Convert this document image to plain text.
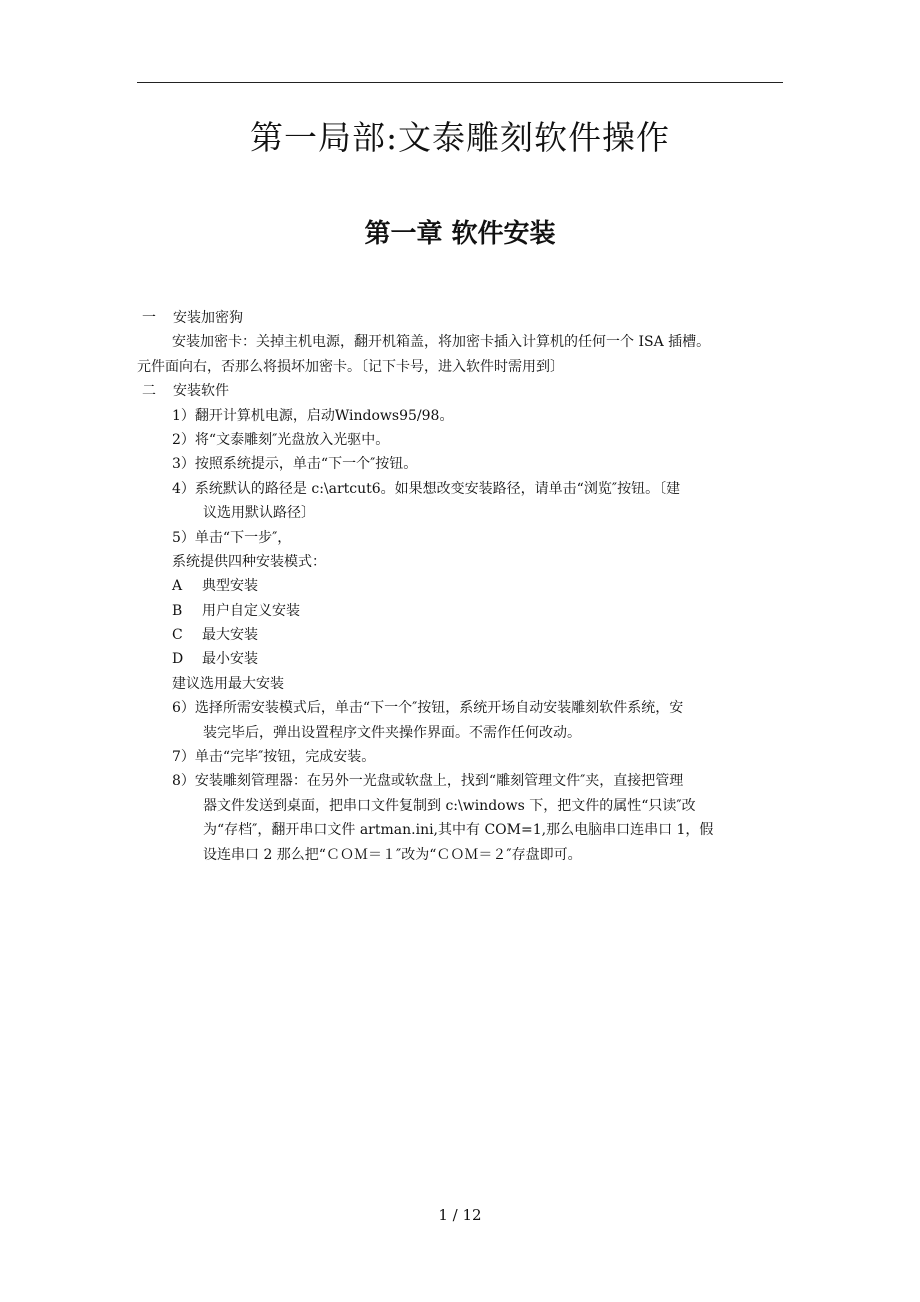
第一局部:文泰雕刻软件操作
第一章 软件安装
一 安装加密狗
安装加密卡：关掉主机电源，翻开机箱盖，将加密卡插入计算机的任何一个 ISA 插槽。
元件面向右，否那么将损坏加密卡。〔记下卡号，进入软件时需用到〕
二 安装软件
1）翻开计算机电源，启动Windows95/98。
2）将“文泰雕刻″光盘放入光驱中。
3）按照系统提示，单击“下一个″按钮。
4）系统默认的路径是 c:\artcut6。如果想改变安装路径，请单击“浏览″按钮。〔建
议选用默认路径〕
5）单击“下一步″，
系统提供四种安装模式：
A 典型安装
B 用户自定义安装
C 最大安装
D 最小安装
建议选用最大安装
6）选择所需安装模式后，单击“下一个″按钮，系统开场自动安装雕刻软件系统，安
装完毕后，弹出设置程序文件夹操作界面。不需作任何改动。
7）单击“完毕″按钮，完成安装。
8）安装雕刻管理器：在另外一光盘或软盘上，找到“雕刻管理文件″夹，直接把管理
器文件发送到桌面，把串口文件复制到 c:\windows 下，把文件的属性“只读″改
为“存档″，翻开串口文件 artman.ini,其中有 COM=1,那么电脑串口连串口 1，假
设连串口 2 那么把“ＣＯＭ＝１″改为“ＣＯＭ＝２″存盘即可。
1 / 12
